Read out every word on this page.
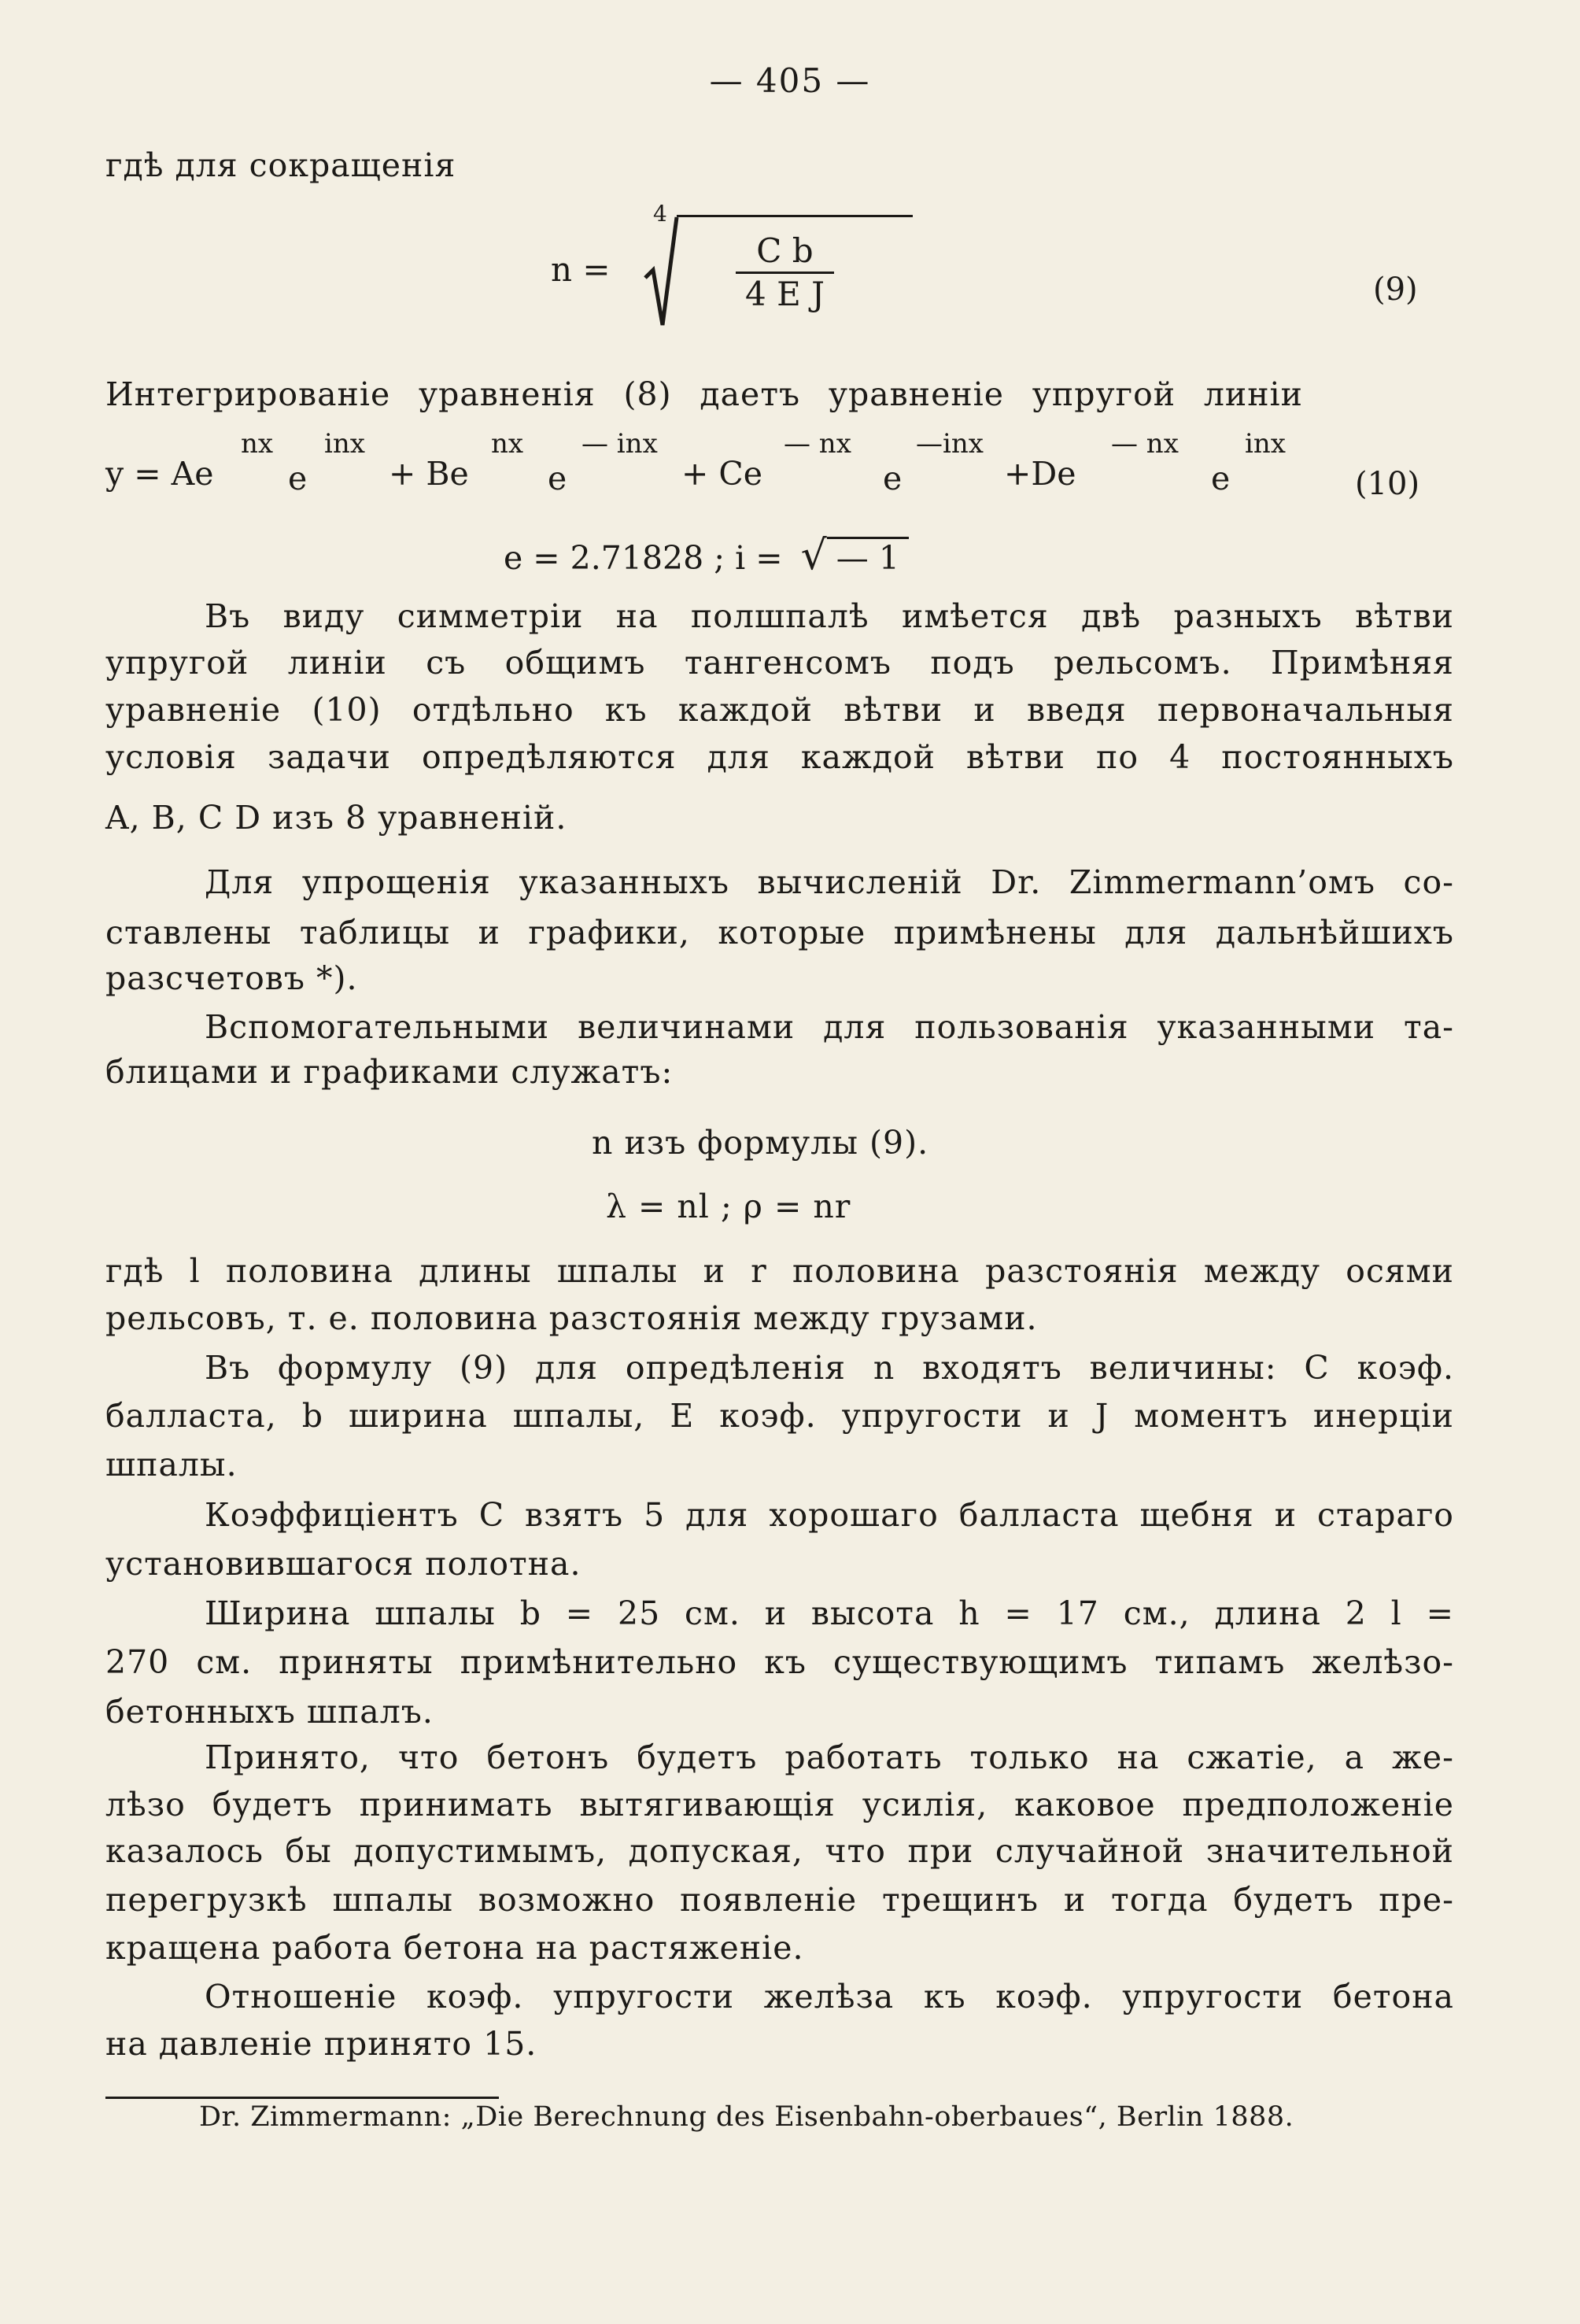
— 405 —
гдѣ для сокращенія
n =
4
$\frac{\text{C b}}{\text{4 E J}}$	(9)
Интегрированіе уравненія (8) даетъ уравненіе упругой линіи
y = Ae
nx
e
inx
+ Be
nx
e
— inx
+ Ce
— nx
e
—inx
+De
— nx
e
inx
(10)
e = 2.71828 ; i = √ — 1
Въ виду симметріи на полшпалѣ имѣется двѣ разныхъ вѣтви
упругой линіи съ общимъ тангенсомъ подъ рельсомъ. Примѣняя
уравненіе (10) отдѣльно къ каждой вѣтви и введя первоначальныя
условія задачи опредѣляются для каждой вѣтви по 4 постоянныхъ
A, B, C D изъ 8 уравненій.
Для упрощенія указанныхъ вычисленій Dr. Zimmermann’омъ со-
ставлены таблицы и графики, которые примѣнены для дальнѣйшихъ
разсчетовъ *).
Вспомогательными величинами для пользованія указанными та-
блицами и графиками служатъ:
n изъ формулы (9).
λ = nl ; ρ = nr
гдѣ l половина длины шпалы и r половина разстоянія между осями
рельсовъ, т. е. половина разстоянія между грузами.
Въ формулу (9) для опредѣленія n входятъ величины: C коэф.
балласта, b ширина шпалы, E коэф. упругости и J моментъ инерціи
шпалы.
Коэффиціентъ C взятъ 5 для хорошаго балласта щебня и стараго
установившагося полотна.
Ширина шпалы b = 25 см. и высота h = 17 см., длина 2 l =
270 см. приняты примѣнительно къ существующимъ типамъ желѣзо-
бетонныхъ шпалъ.
Принято, что бетонъ будетъ работать только на сжатіе, а же-
лѣзо будетъ принимать вытягивающія усилія, каковое предположеніе
казалось бы допустимымъ, допуская, что при случайной значительной
перегрузкѣ шпалы возможно появленіе трещинъ и тогда будетъ пре-
кращена работа бетона на растяженіе.
Отношеніе коэф. упругости желѣза къ коэф. упругости бетона
на давленіе принято 15.
Dr. Zimmermann: „Die Berechnung des Eisenbahn-oberbaues“, Berlin 1888.
